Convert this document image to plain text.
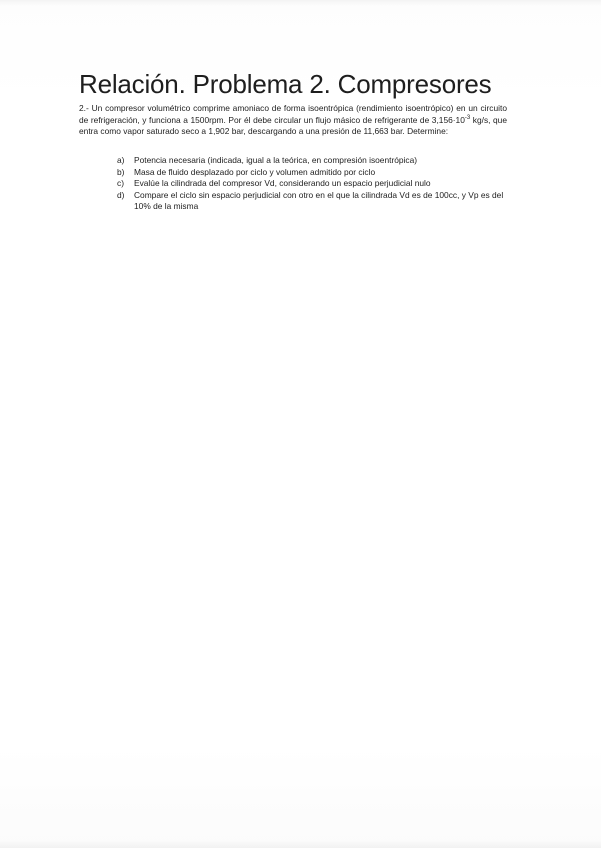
Relación. Problema 2. Compresores

2.- Un compresor volumétrico comprime amoniaco de forma isoentrópica (rendimiento isoentrópico) en un circuito de refrigeración, y funciona a 1500rpm. Por él debe circular un flujo másico de refrigerante de $3,156\cdot 10^{-3}$ kg/s, que entra como vapor saturado seco a 1,902 bar, descargando a una presión de 11,663 bar. Determine:

a) Potencia necesaria (indicada, igual a la teórica, en compresión isoentrópica)
b) Masa de fluido desplazado por ciclo y volumen admitido por ciclo
c) Evalúe la cilindrada del compresor Vd, considerando un espacio perjudicial nulo
d) Compare el ciclo sin espacio perjudicial con otro en el que la cilindrada Vd es de 100cc, y Vp es del 10% de la misma
